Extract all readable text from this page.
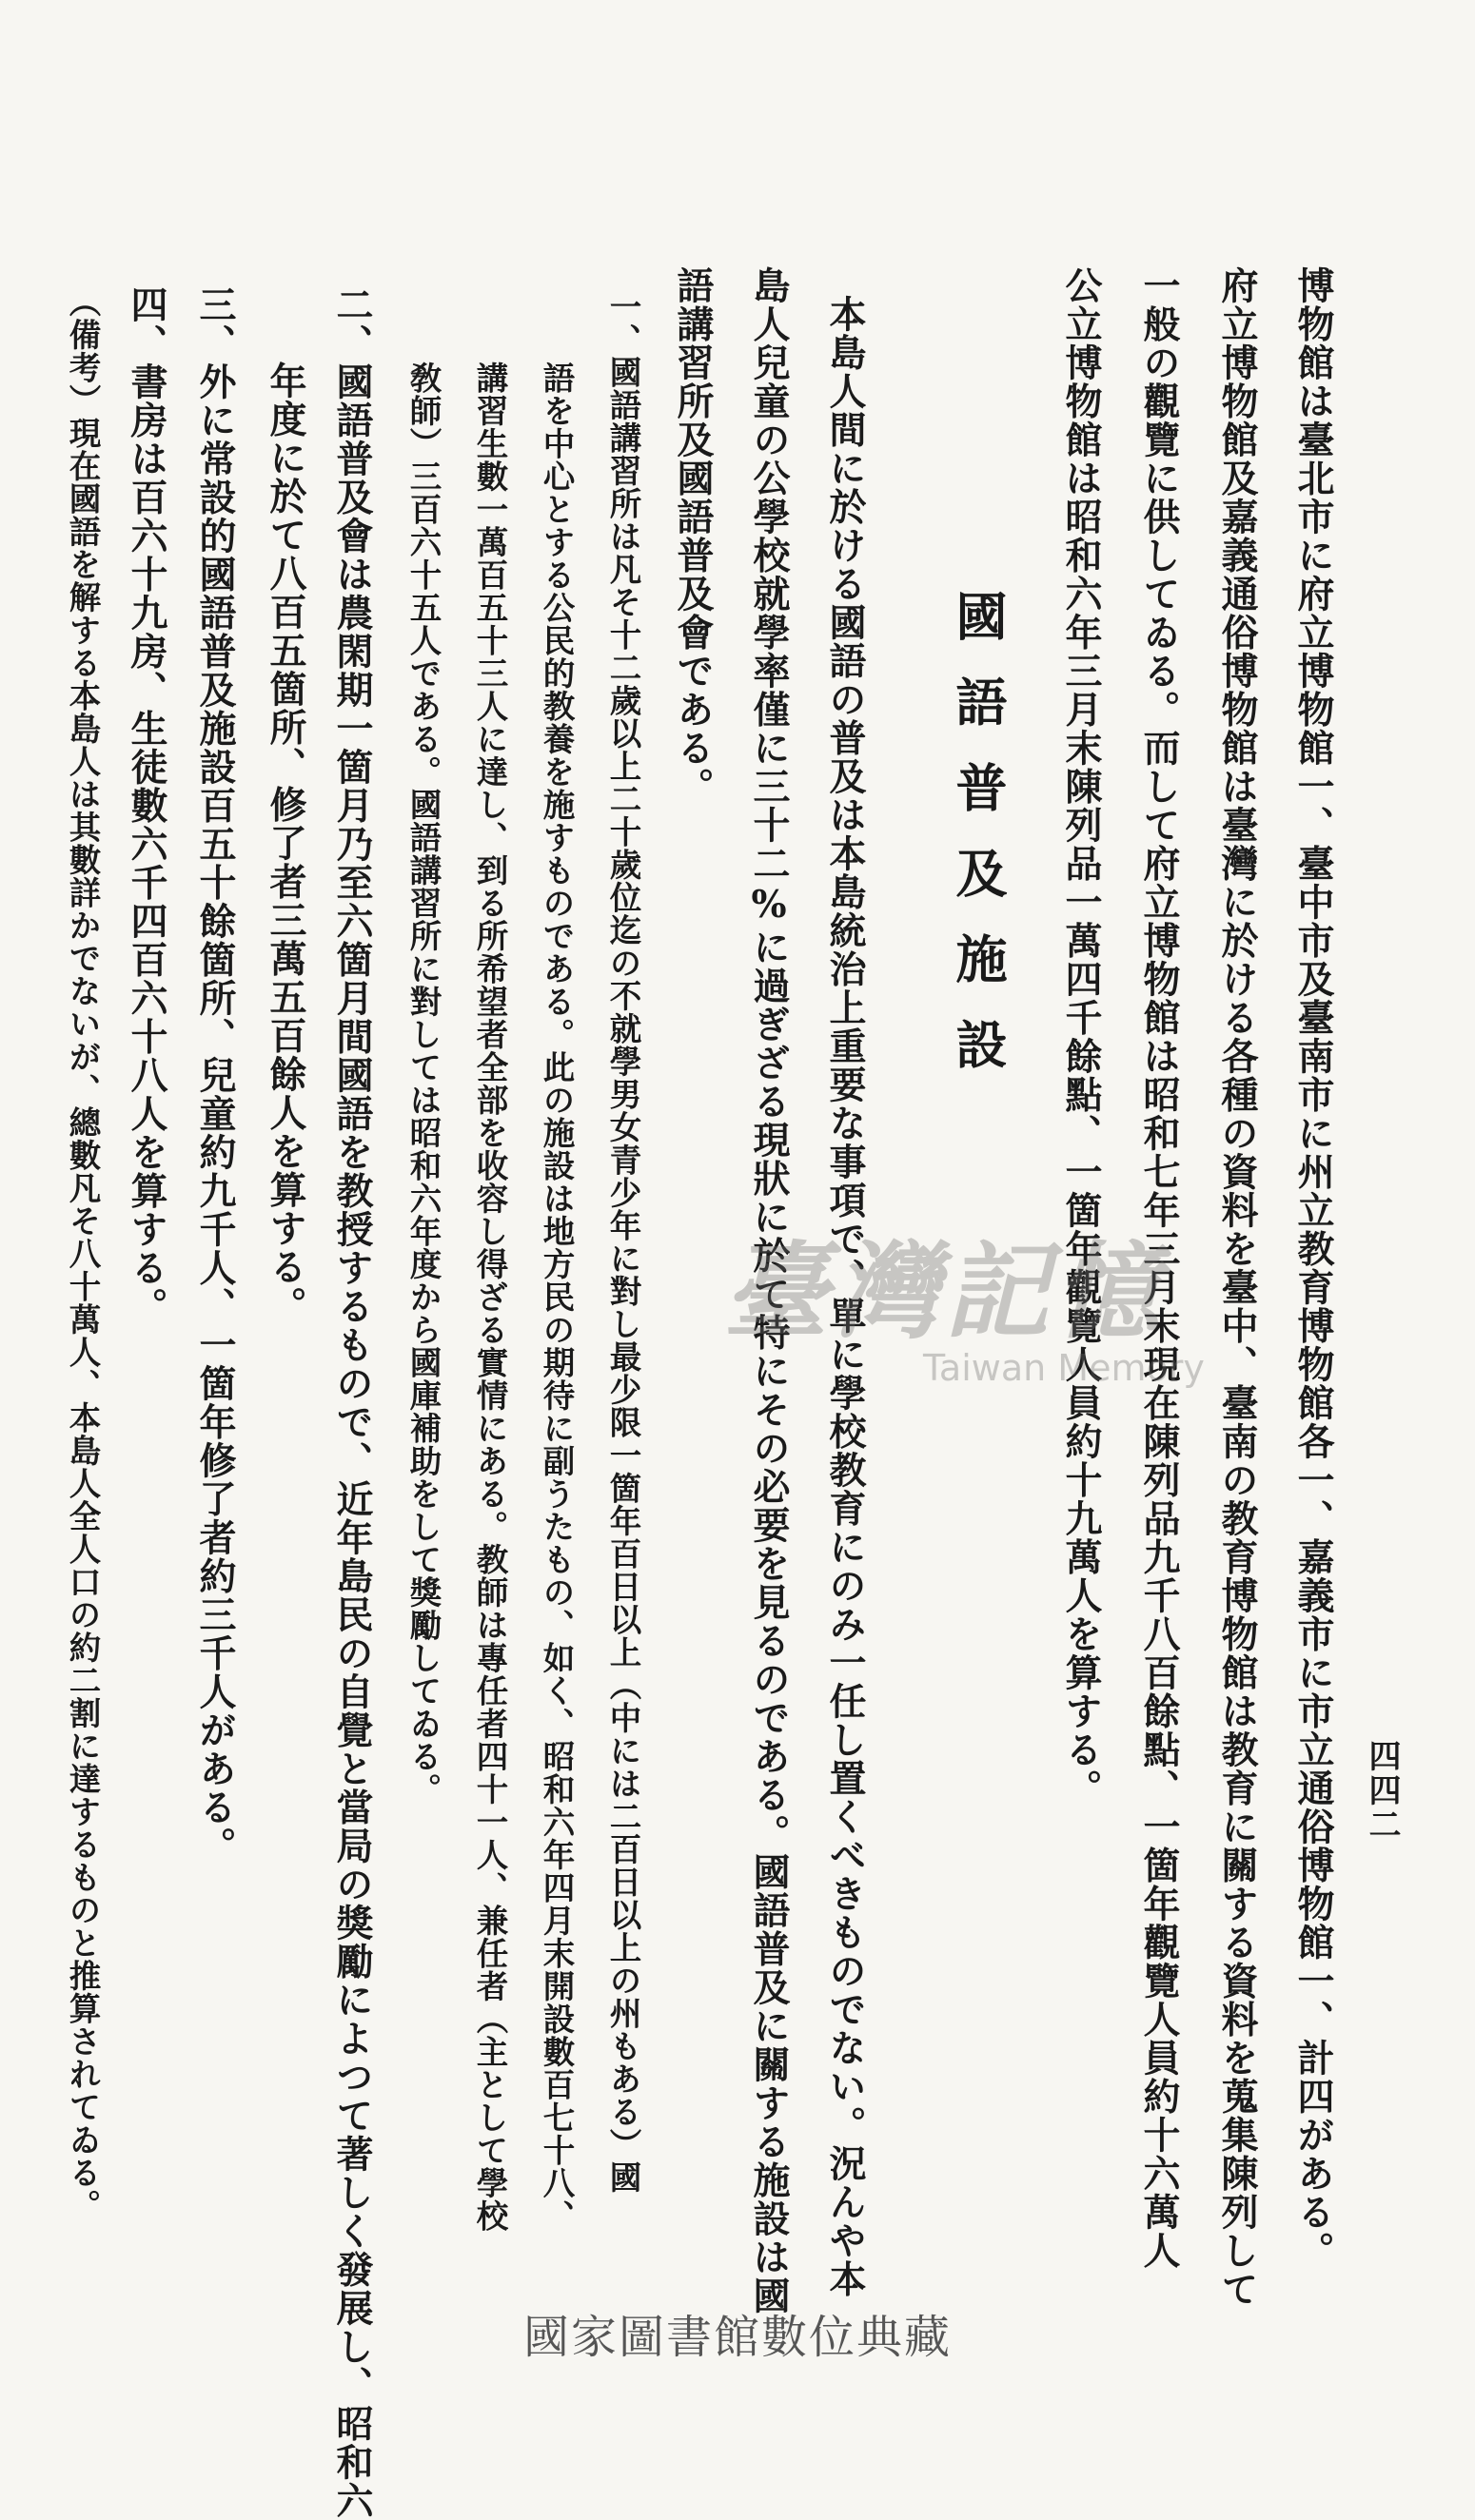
四四二
博物館は臺北市に府立博物館一、臺中市及臺南市に州立教育博物館各一、嘉義市に市立通俗博物館一、計四がある。
府立博物館及嘉義通俗博物館は臺灣に於ける各種の資料を臺中、臺南の教育博物館は教育に關する資料を蒐集陳列して
一般の觀覽に供してゐる。而して府立博物館は昭和七年三月末現在陳列品九千八百餘點、一箇年觀覽人員約十六萬人
公立博物館は昭和六年三月末陳列品一萬四千餘點、一箇年觀覽人員約十九萬人を算する。
國語普及施設
本島人間に於ける國語の普及は本島統治上重要な事項で、單に學校教育にのみ一任し置くべきものでない。況んや本
島人兒童の公學校就學率僅に三十二%に過ぎざる現狀に於て特にその必要を見るのである。國語普及に關する施設は國
語講習所及國語普及會である。
一、國語講習所は凡そ十二歲以上二十歲位迄の不就學男女青少年に對し最少限一箇年百日以上（中には二百日以上の州もある）國
語を中心とする公民的教養を施すものである。此の施設は地方民の期待に副うたもの、如く、昭和六年四月末開設數百七十八、
講習生數一萬百五十三人に達し、到る所希望者全部を收容し得ざる實情にある。教師は專任者四十一人、兼任者（主として學校
敎師）三百六十五人である。國語講習所に對しては昭和六年度から國庫補助をして獎勵してゐる。
二、國語普及會は農閑期一箇月乃至六箇月間國語を教授するもので、近年島民の自覺と當局の獎勵によつて著しく發展し、昭和六
年度に於て八百五箇所、修了者三萬五百餘人を算する。
三、外に常設的國語普及施設百五十餘箇所、兒童約九千人、一箇年修了者約三千人がある。
四、書房は百六十九房、生徒數六千四百六十八人を算する。
（備考）現在國語を解する本島人は其數詳かでないが、總數凡そ八十萬人、本島人全人口の約二割に達するものと推算されてゐる。	臺灣記憶
Taiwan Memory
國家圖書館數位典藏
